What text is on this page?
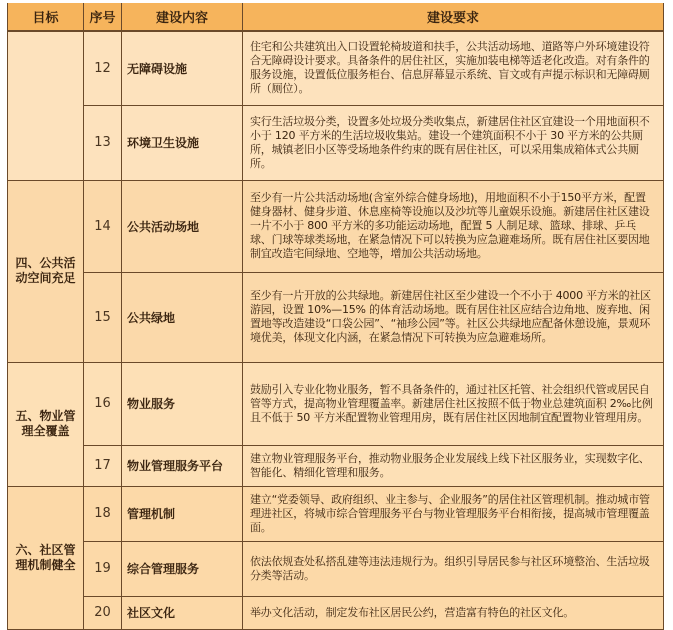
目标	序号	建设内容	建设要求
	12	无障碍设施	住宅和公共建筑出入口设置轮椅坡道和扶手，公共活动场地、道路等户外环境建设符合无障碍设计要求。具备条件的居住社区，实施加装电梯等适老化改造。对有条件的服务设施，设置低位服务柜台、信息屏幕显示系统、盲文或有声提示标识和无障碍厕所（厕位）。
	13	环境卫生设施	实行生活垃圾分类，设置多处垃圾分类收集点，新建居住社区宜建设一个用地面积不小于 120 平方米的生活垃圾收集站。建设一个建筑面积不小于 30 平方米的公共厕所，城镇老旧小区等受场地条件约束的既有居住社区，可以采用集成箱体式公共厕所。
四、公共活动空间充足	14	公共活动场地	至少有一片公共活动场地(含室外综合健身场地)，用地面积不小于150平方米，配置健身器材、健身步道、休息座椅等设施以及沙坑等儿童娱乐设施。新建居住社区建设一片不小于 800 平方米的多功能运动场地，配置 5 人制足球、篮球、排球、乒乓球、门球等球类场地，在紧急情况下可以转换为应急避难场所。既有居住社区要因地制宜改造宅间绿地、空地等，增加公共活动场地。
	15	公共绿地	至少有一片开放的公共绿地。新建居住社区至少建设一个不小于 4000 平方米的社区游园，设置 10%—15% 的体育活动场地。既有居住社区应结合边角地、废弃地、闲置地等改造建设“口袋公园”、“袖珍公园”等。社区公共绿地应配备休憩设施，景观环境优美，体现文化内涵，在紧急情况下可转换为应急避难场所。
五、物业管理全覆盖	16	物业服务	鼓励引入专业化物业服务，暂不具备条件的，通过社区托管、社会组织代管或居民自管等方式，提高物业管理覆盖率。新建居住社区按照不低于物业总建筑面积 2‰比例且不低于 50 平方米配置物业管理用房，既有居住社区因地制宜配置物业管理用房。
	17	物业管理服务平台	建立物业管理服务平台，推动物业服务企业发展线上线下社区服务业，实现数字化、智能化、精细化管理和服务。
六、社区管理机制健全	18	管理机制	建立“党委领导、政府组织、业主参与、企业服务”的居住社区管理机制。推动城市管理进社区，将城市综合管理服务平台与物业管理服务平台相衔接，提高城市管理覆盖面。
	19	综合管理服务	依法依规查处私搭乱建等违法违规行为。组织引导居民参与社区环境整治、生活垃圾分类等活动。
	20	社区文化	举办文化活动，制定发布社区居民公约，营造富有特色的社区文化。
